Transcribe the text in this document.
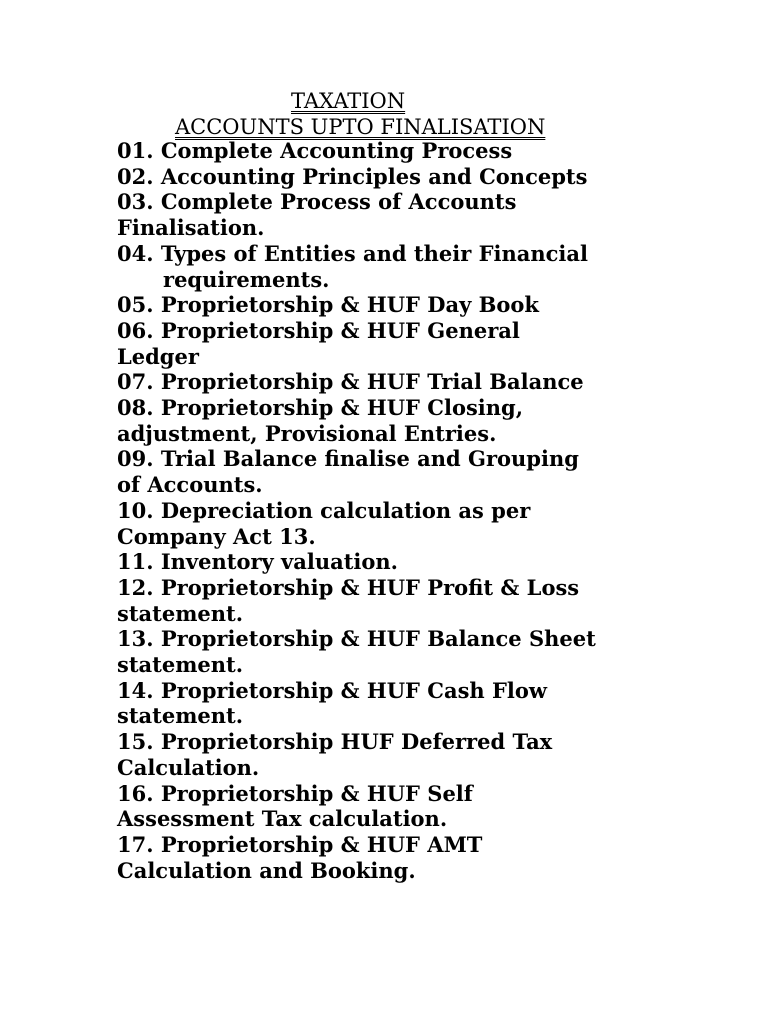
TAXATION
ACCOUNTS UPTO FINALISATION
01. Complete Accounting Process
02. Accounting Principles and Concepts
03. Complete Process of Accounts
Finalisation.
04. Types of Entities and their Financial
requirements.
05. Proprietorship & HUF Day Book
06. Proprietorship & HUF General
Ledger
07. Proprietorship & HUF Trial Balance
08. Proprietorship & HUF Closing,
adjustment, Provisional Entries.
09. Trial Balance finalise and Grouping
of Accounts.
10. Depreciation calculation as per
Company Act 13.
11. Inventory valuation.
12. Proprietorship & HUF Profit & Loss
statement.
13. Proprietorship & HUF Balance Sheet
statement.
14. Proprietorship & HUF Cash Flow
statement.
15. Proprietorship HUF Deferred Tax
Calculation.
16. Proprietorship & HUF Self
Assessment Tax calculation.
17. Proprietorship & HUF AMT
Calculation and Booking.
